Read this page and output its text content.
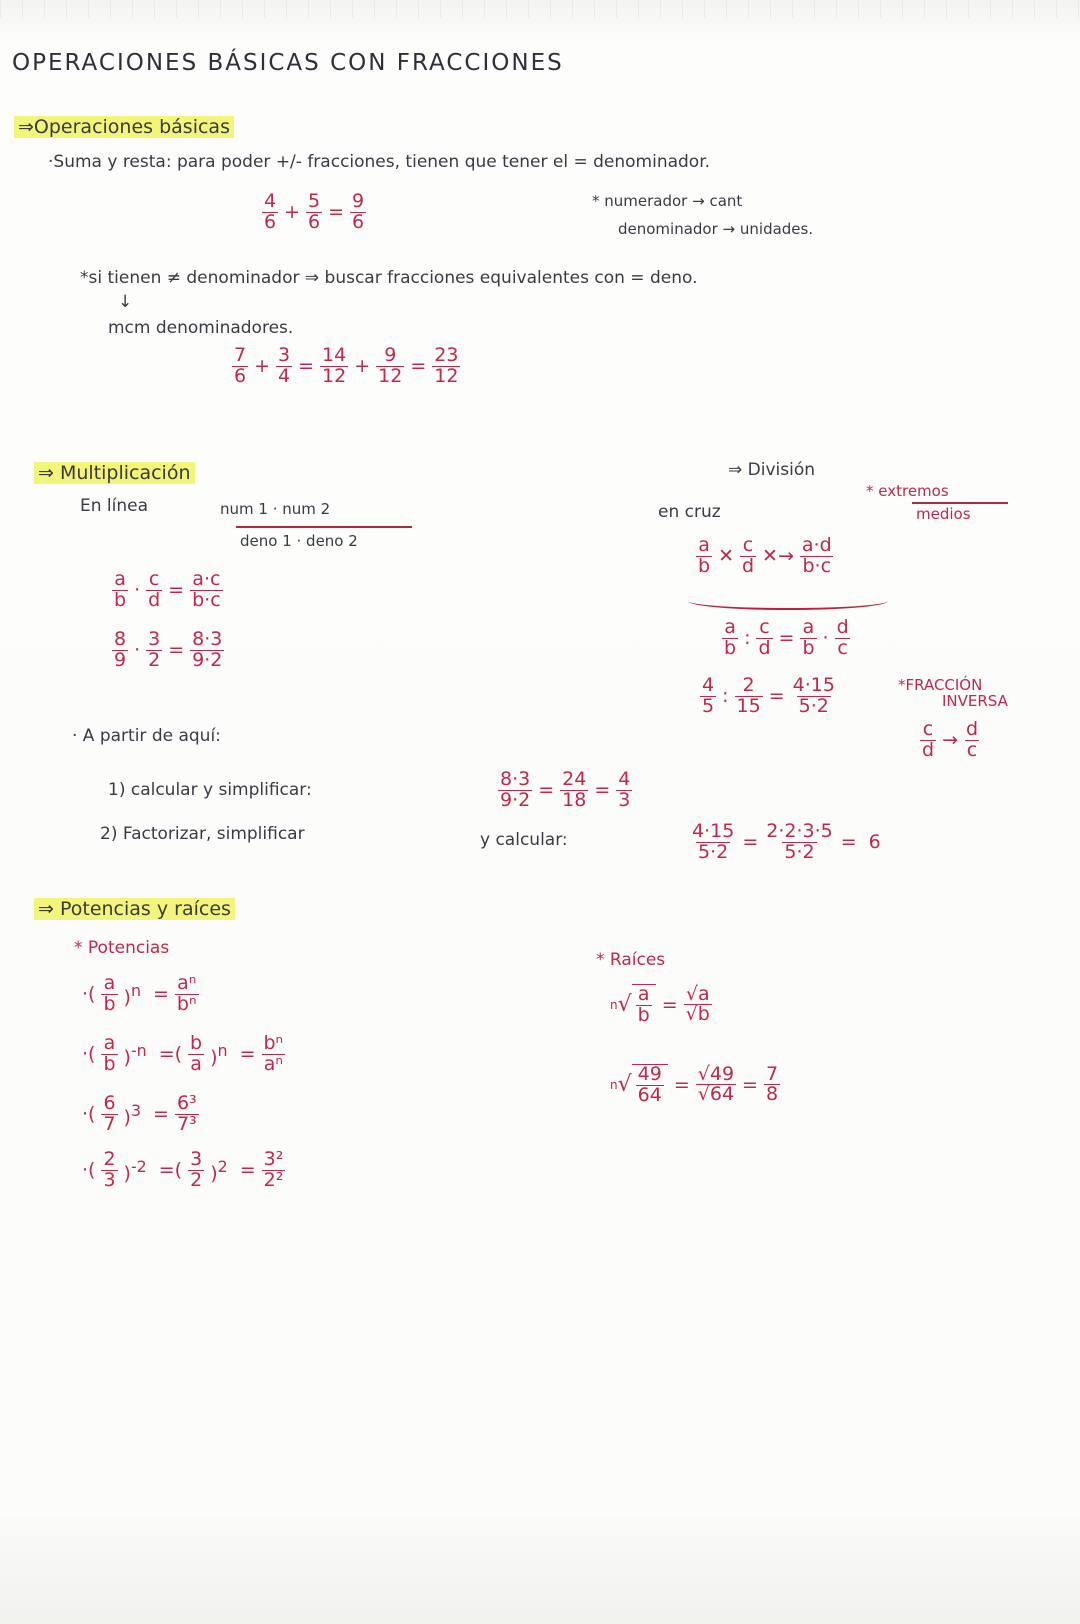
OPERACIONES BÁSICAS CON FRACCIONES
⇒Operaciones básicas
·Suma y resta: para poder +/- fracciones, tienen que tener el = denominador.
$\frac{4}{6} + \frac{5}{6} = \frac{9}{6}$	* numerador → cant
denominador → unidades.
*si tienen ≠ denominador ⇒ buscar fracciones equivalentes con = deno.
↓
mcm denominadores.
$\frac{7}{6} + \frac{3}{4} = \frac{14}{12} + \frac{9}{12} = \frac{23}{12}$
⇒ Multiplicación
En línea	num 1 · num 2
deno 1 · deno 2
$\frac{a}{b} \cdot \frac{c}{d} = \frac{a\cdot c}{b\cdot c}$
$\frac{8}{9} \cdot \frac{3}{2} = \frac{8\cdot 3}{9\cdot 2}$
⇒ División
* extremos
medios
en cruz
$\frac{a}{b}$ ✕ $\frac{c}{d}$ ✕→ $\frac{a\cdot d}{b\cdot c}$
$\frac{a}{b}$ : $\frac{c}{d} = \frac{a}{b} \cdot \frac{d}{c}$
$\frac{4}{5}$ : $\frac{2}{15} = \frac{4\cdot 15}{5\cdot 2}$	*FRACCIÓN
INVERSA
$\frac{c}{d} \to \frac{d}{c}$
· A partir de aquí:
1) calcular y simplificar:	$\frac{8\cdot 3}{9\cdot 2} = \frac{24}{18} = \frac{4}{3}$
2) Factorizar, simplificar	y calcular:	$\frac{4\cdot 15}{5\cdot 2} = \frac{2\cdot 2\cdot 3\cdot 5}{5\cdot 2} = 6$
⇒ Potencias y raíces
* Potencias
·( $\frac{a}{b} )^n = \frac{\text{aⁿ}}{\text{bⁿ}}$
·( $\frac{a}{b} )^{-n}$ =( $\frac{b}{a} )^n = \frac{\text{bⁿ}}{\text{aⁿ}}$
·( $\frac{6}{7} )^3 = \frac{\text{6³}}{\text{7³}}$
·( $\frac{2}{3} )^{-2}$ =( $\frac{3}{2} )^2 = \frac{\text{3²}}{\text{2²}}$
* Raíces
n √ $\frac{a}{b} = \frac{√a}{√b}$
n √ $\frac{49}{64} = \frac{√49}{√64} = \frac{7}{8}$
